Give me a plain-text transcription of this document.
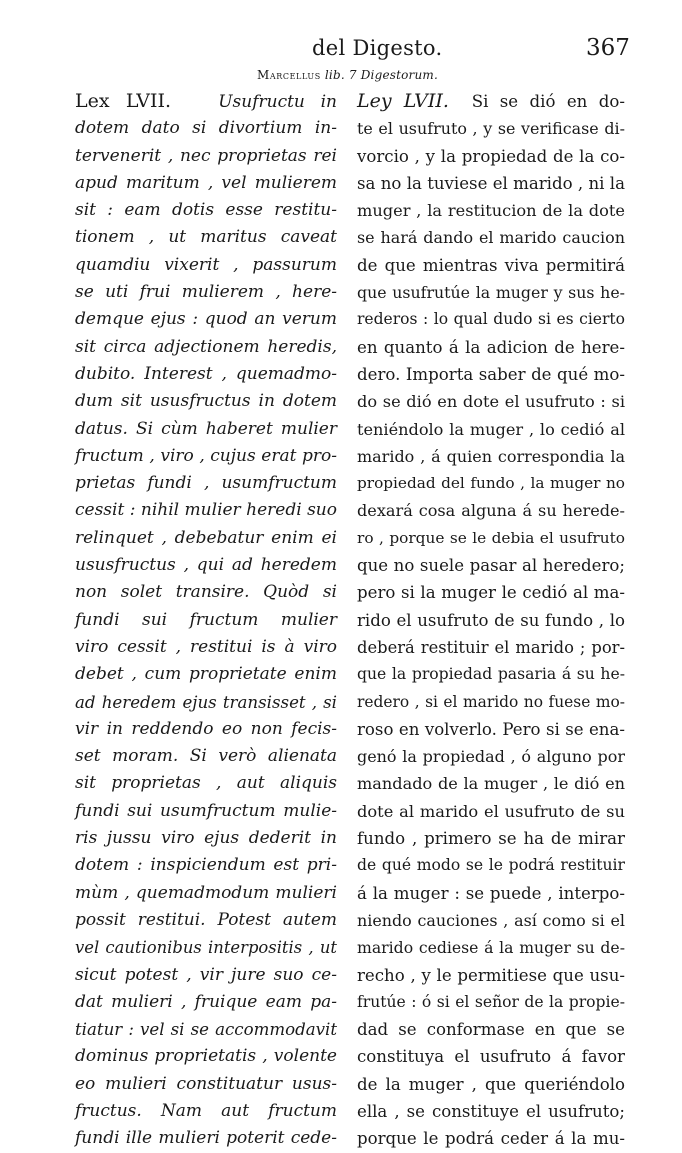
del Digesto.	367
Marcellus lib. 7 Digestorum.
Lex LVII.	Usufructu in
dotem dato si divortium in-
tervenerit , nec proprietas rei
apud maritum , vel mulierem
sit : eam dotis esse restitu-
tionem , ut maritus caveat
quamdiu vixerit , passurum
se uti frui mulierem , here-
demque ejus : quod an verum
sit circa adjectionem heredis,
dubito. Interest , quemadmo-
dum sit ususfructus in dotem
datus. Si cùm haberet mulier
fructum , viro , cujus erat pro-
prietas fundi , usumfructum
cessit : nihil mulier heredi suo
relinquet , debebatur enim ei
ususfructus , qui ad heredem
non solet transire. Quòd si
fundi sui fructum mulier
viro cessit , restitui is à viro
debet , cum proprietate enim
ad heredem ejus transisset , si
vir in reddendo eo non fecis-
set moram. Si verò alienata
sit proprietas , aut aliquis
fundi sui usumfructum mulie-
ris jussu viro ejus dederit in
dotem : inspiciendum est pri-
mùm , quemadmodum mulieri
possit restitui. Potest autem
vel cautionibus interpositis , ut
sicut potest , vir jure suo ce-
dat mulieri , fruique eam pa-
tiatur : vel si se accommodavit
dominus proprietatis , volente
eo mulieri constituatur usus-
fructus. Nam aut fructum
fundi ille mulieri poterit cede-
Ley LVII. Si se dió en do-
te el usufruto , y se verificase di-
vorcio , y la propiedad de la co-
sa no la tuviese el marido , ni la
muger , la restitucion de la dote
se hará dando el marido caucion
de que mientras viva permitirá
que usufrutúe la muger y sus he-
rederos : lo qual dudo si es cierto
en quanto á la adicion de here-
dero. Importa saber de qué mo-
do se dió en dote el usufruto : si
teniéndolo la muger , lo cedió al
marido , á quien correspondia la
propiedad del fundo , la muger no
dexará cosa alguna á su herede-
ro , porque se le debia el usufruto
que no suele pasar al heredero;
pero si la muger le cedió al ma-
rido el usufruto de su fundo , lo
deberá restituir el marido ; por-
que la propiedad pasaria á su he-
redero , si el marido no fuese mo-
roso en volverlo. Pero si se ena-
genó la propiedad , ó alguno por
mandado de la muger , le dió en
dote al marido el usufruto de su
fundo , primero se ha de mirar
de qué modo se le podrá restituir
á la muger : se puede , interpo-
niendo cauciones , así como si el
marido cediese á la muger su de-
recho , y le permitiese que usu-
frutúe : ó si el señor de la propie-
dad se conformase en que se
constituya el usufruto á favor
de la muger , que queriéndolo
ella , se constituye el usufruto;
porque le podrá ceder á la mu-
